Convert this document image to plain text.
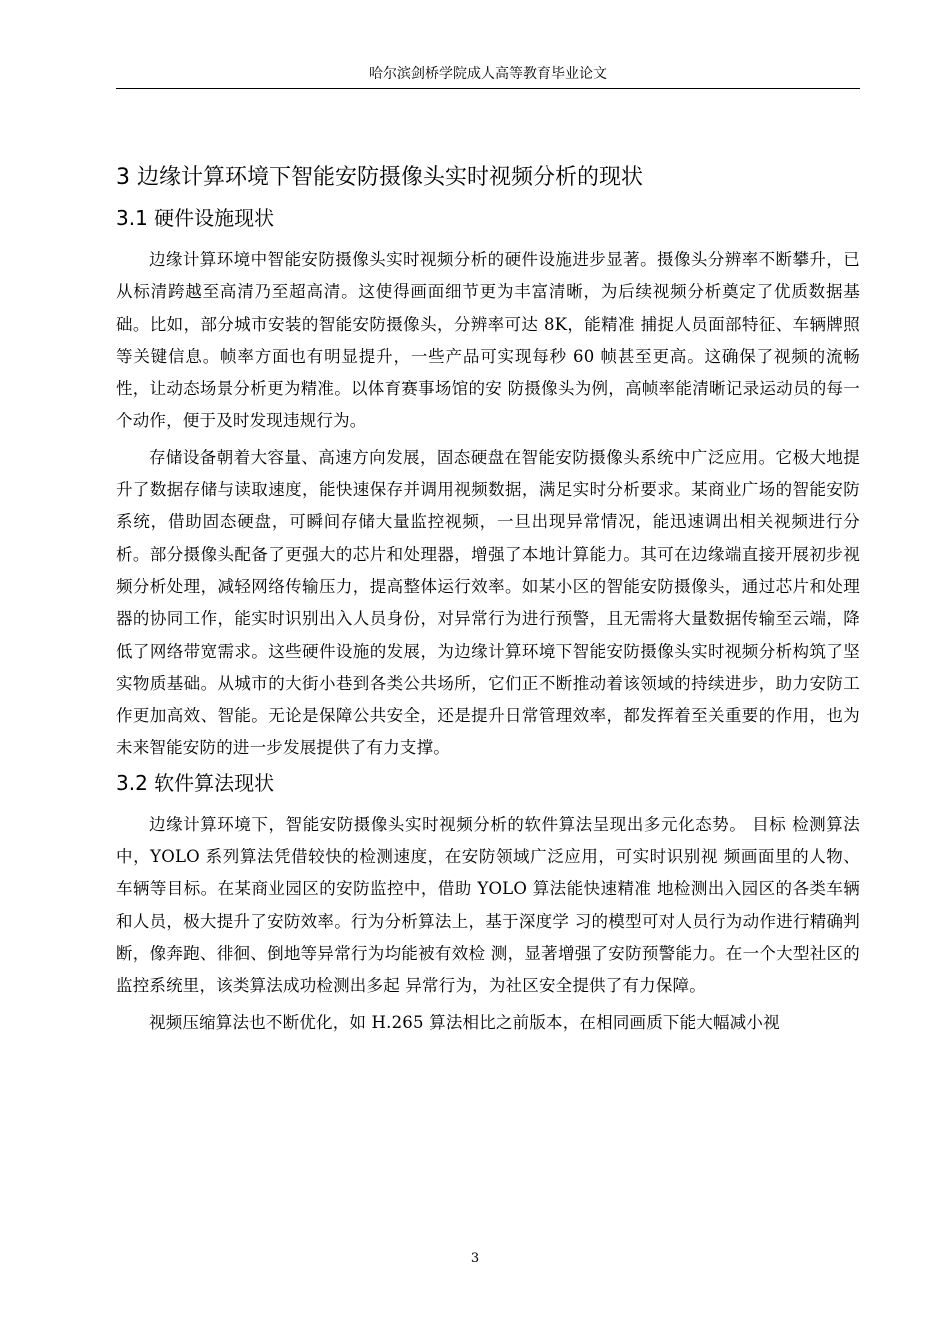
哈尔滨剑桥学院成人高等教育毕业论文
3 边缘计算环境下智能安防摄像头实时视频分析的现状
3.1 硬件设施现状

边缘计算环境中智能安防摄像头实时视频分析的硬件设施进步显著。摄像头分辨率不断攀升，已从标清跨越至高清乃至超高清。这使得画面细节更为丰富清晰，为后续视频分析奠定了优质数据基础。比如，部分城市安装的智能安防摄像头，分辨率可达 8K，能精准 捕捉人员面部特征、车辆牌照等关键信息。帧率方面也有明显提升，一些产品可实现每秒 60 帧甚至更高。这确保了视频的流畅性，让动态场景分析更为精准。以体育赛事场馆的安 防摄像头为例，高帧率能清晰记录运动员的每一个动作，便于及时发现违规行为。

存储设备朝着大容量、高速方向发展，固态硬盘在智能安防摄像头系统中广泛应用。它极大地提升了数据存储与读取速度，能快速保存并调用视频数据，满足实时分析要求。某商业广场的智能安防系统，借助固态硬盘，可瞬间存储大量监控视频，一旦出现异常情况，能迅速调出相关视频进行分析。部分摄像头配备了更强大的芯片和处理器，增强了本地计算能力。其可在边缘端直接开展初步视频分析处理，减轻网络传输压力，提高整体运行效率。如某小区的智能安防摄像头，通过芯片和处理器的协同工作，能实时识别出入人员身份，对异常行为进行预警，且无需将大量数据传输至云端，降低了网络带宽需求。这些硬件设施的发展，为边缘计算环境下智能安防摄像头实时视频分析构筑了坚实物质基础。从城市的大街小巷到各类公共场所，它们正不断推动着该领域的持续进步，助力安防工作更加高效、智能。无论是保障公共安全，还是提升日常管理效率，都发挥着至关重要的作用，也为未来智能安防的进一步发展提供了有力支撑。

3.2 软件算法现状

边缘计算环境下，智能安防摄像头实时视频分析的软件算法呈现出多元化态势。 目标 检测算法中，YOLO 系列算法凭借较快的检测速度，在安防领域广泛应用，可实时识别视 频画面里的人物、车辆等目标。在某商业园区的安防监控中，借助 YOLO 算法能快速精准 地检测出入园区的各类车辆和人员，极大提升了安防效率。行为分析算法上，基于深度学 习的模型可对人员行为动作进行精确判断，像奔跑、徘徊、倒地等异常行为均能被有效检 测，显著增强了安防预警能力。在一个大型社区的监控系统里，该类算法成功检测出多起 异常行为，为社区安全提供了有力保障。

视频压缩算法也不断优化，如 H.265 算法相比之前版本，在相同画质下能大幅减小视

3
